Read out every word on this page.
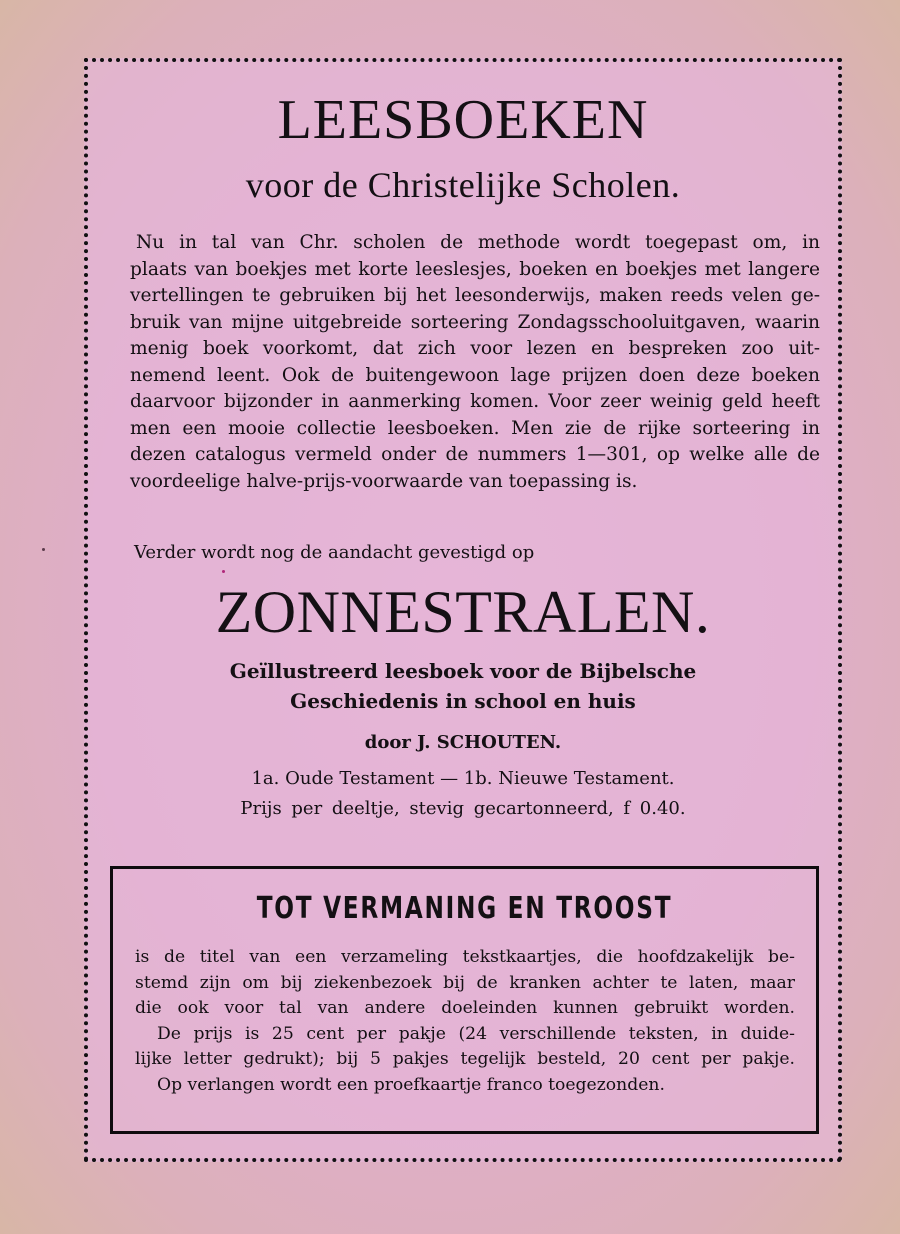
LEESBOEKEN
voor de Christelijke Scholen.
Nu in tal van Chr. scholen de methode wordt toegepast om, in
plaats van boekjes met korte leeslesjes, boeken en boekjes met langere
vertellingen te gebruiken bij het leesonderwijs, maken reeds velen ge-
bruik van mijne uitgebreide sorteering Zondagsschooluitgaven, waarin
menig boek voorkomt, dat zich voor lezen en bespreken zoo uit-
nemend leent. Ook de buitengewoon lage prijzen doen deze boeken
daarvoor bijzonder in aanmerking komen. Voor zeer weinig geld heeft
men een mooie collectie leesboeken. Men zie de rijke sorteering in
dezen catalogus vermeld onder de nummers 1—301, op welke alle de
voordeelige halve-prijs-voorwaarde van toepassing is.
Verder wordt nog de aandacht gevestigd op
ZONNESTRALEN.
Geïllustreerd leesboek voor de Bijbelsche
Geschiedenis in school en huis
door J. SCHOUTEN.
1a. Oude Testament — 1b. Nieuwe Testament.
Prijs per deeltje, stevig gecartonneerd, f 0.40.
TOT VERMANING EN TROOST
is de titel van een verzameling tekstkaartjes, die hoofdzakelijk be-
stemd zijn om bij ziekenbezoek bij de kranken achter te laten, maar
die ook voor tal van andere doeleinden kunnen gebruikt worden.
De prijs is 25 cent per pakje (24 verschillende teksten, in duide-
lijke letter gedrukt); bij 5 pakjes tegelijk besteld, 20 cent per pakje.
Op verlangen wordt een proefkaartje franco toegezonden.
